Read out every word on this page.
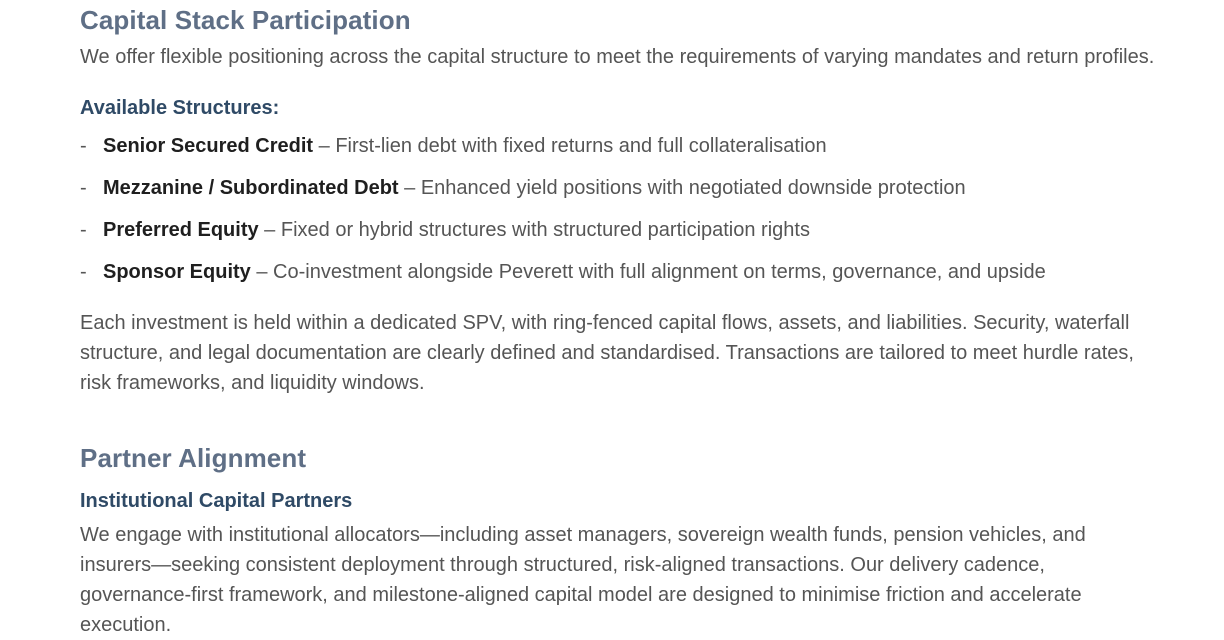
Capital Stack Participation

We offer flexible positioning across the capital structure to meet the requirements of varying mandates and return profiles.

Available Structures:
- Senior Secured Credit – First-lien debt with fixed returns and full collateralisation
- Mezzanine / Subordinated Debt – Enhanced yield positions with negotiated downside protection
- Preferred Equity – Fixed or hybrid structures with structured participation rights
- Sponsor Equity – Co-investment alongside Peverett with full alignment on terms, governance, and upside

Each investment is held within a dedicated SPV, with ring-fenced capital flows, assets, and liabilities. Security, waterfall structure, and legal documentation are clearly defined and standardised. Transactions are tailored to meet hurdle rates, risk frameworks, and liquidity windows.

Partner Alignment
Institutional Capital Partners

We engage with institutional allocators—including asset managers, sovereign wealth funds, pension vehicles, and insurers—seeking consistent deployment through structured, risk-aligned transactions. Our delivery cadence, governance-first framework, and milestone-aligned capital model are designed to minimise friction and accelerate execution.
